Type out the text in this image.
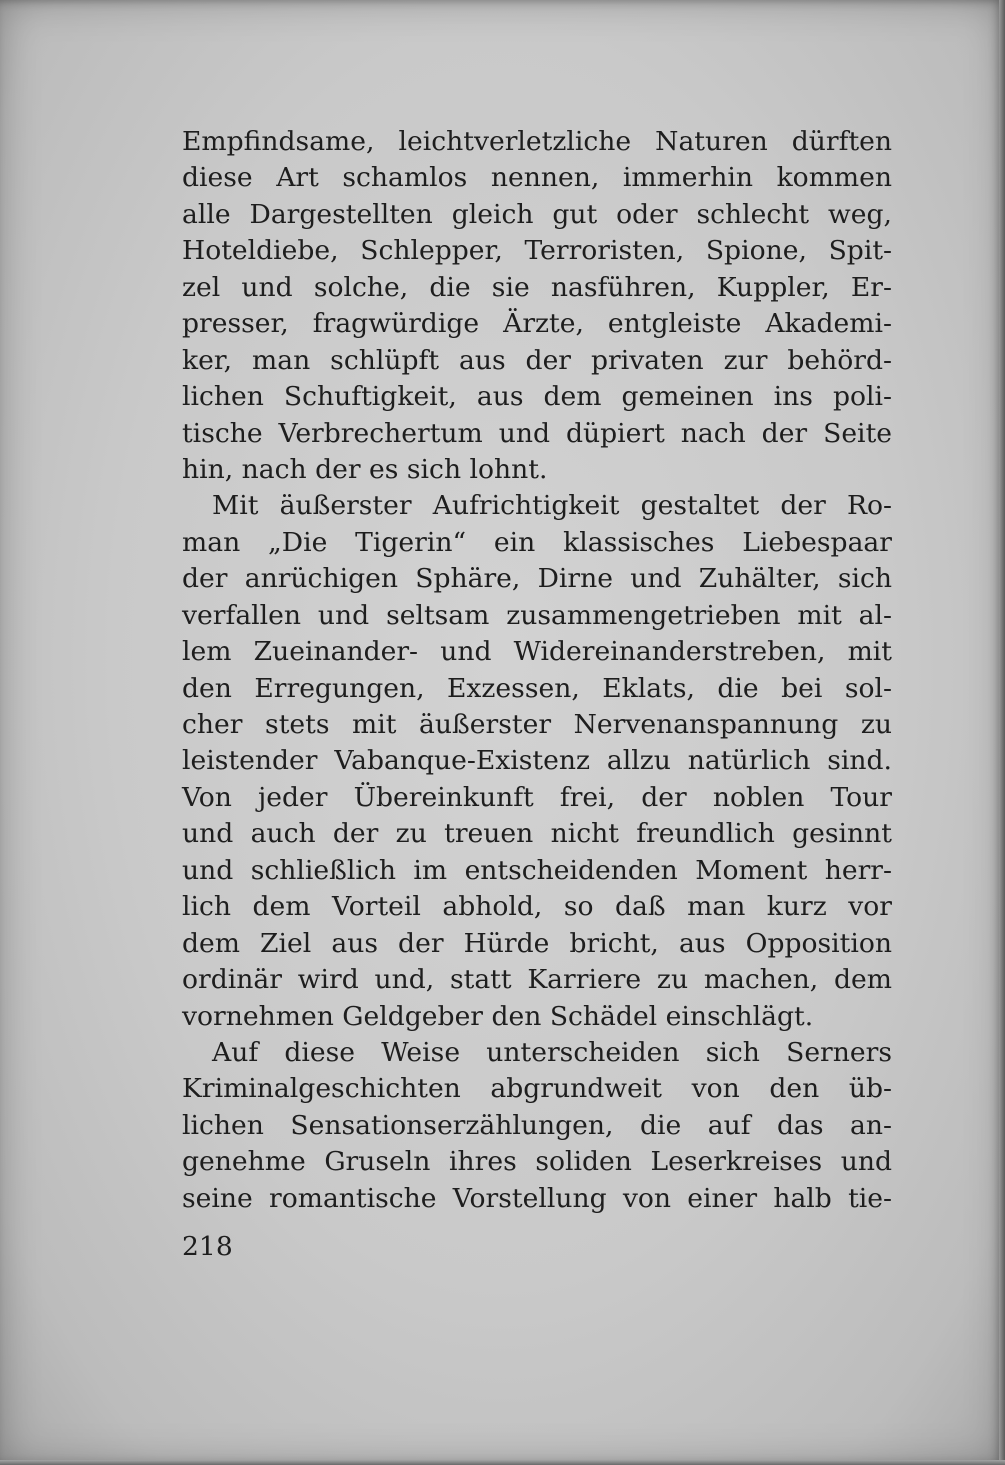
Empfindsame, leichtverletzliche Naturen dürften
diese Art schamlos nennen, immerhin kommen
alle Dargestellten gleich gut oder schlecht weg,
Hoteldiebe, Schlepper, Terroristen, Spione, Spit-
zel und solche, die sie nasführen, Kuppler, Er-
presser, fragwürdige Ärzte, entgleiste Akademi-
ker, man schlüpft aus der privaten zur behörd-
lichen Schuftigkeit, aus dem gemeinen ins poli-
tische Verbrechertum und düpiert nach der Seite
hin, nach der es sich lohnt.
Mit äußerster Aufrichtigkeit gestaltet der Ro-
man „Die Tigerin“ ein klassisches Liebespaar
der anrüchigen Sphäre, Dirne und Zuhälter, sich
verfallen und seltsam zusammengetrieben mit al-
lem Zueinander- und Widereinanderstreben, mit
den Erregungen, Exzessen, Eklats, die bei sol-
cher stets mit äußerster Nervenanspannung zu
leistender Vabanque-Existenz allzu natürlich sind.
Von jeder Übereinkunft frei, der noblen Tour
und auch der zu treuen nicht freundlich gesinnt
und schließlich im entscheidenden Moment herr-
lich dem Vorteil abhold, so daß man kurz vor
dem Ziel aus der Hürde bricht, aus Opposition
ordinär wird und, statt Karriere zu machen, dem
vornehmen Geldgeber den Schädel einschlägt.
Auf diese Weise unterscheiden sich Serners
Kriminalgeschichten abgrundweit von den üb-
lichen Sensationserzählungen, die auf das an-
genehme Gruseln ihres soliden Leserkreises und
seine romantische Vorstellung von einer halb tie-
218
